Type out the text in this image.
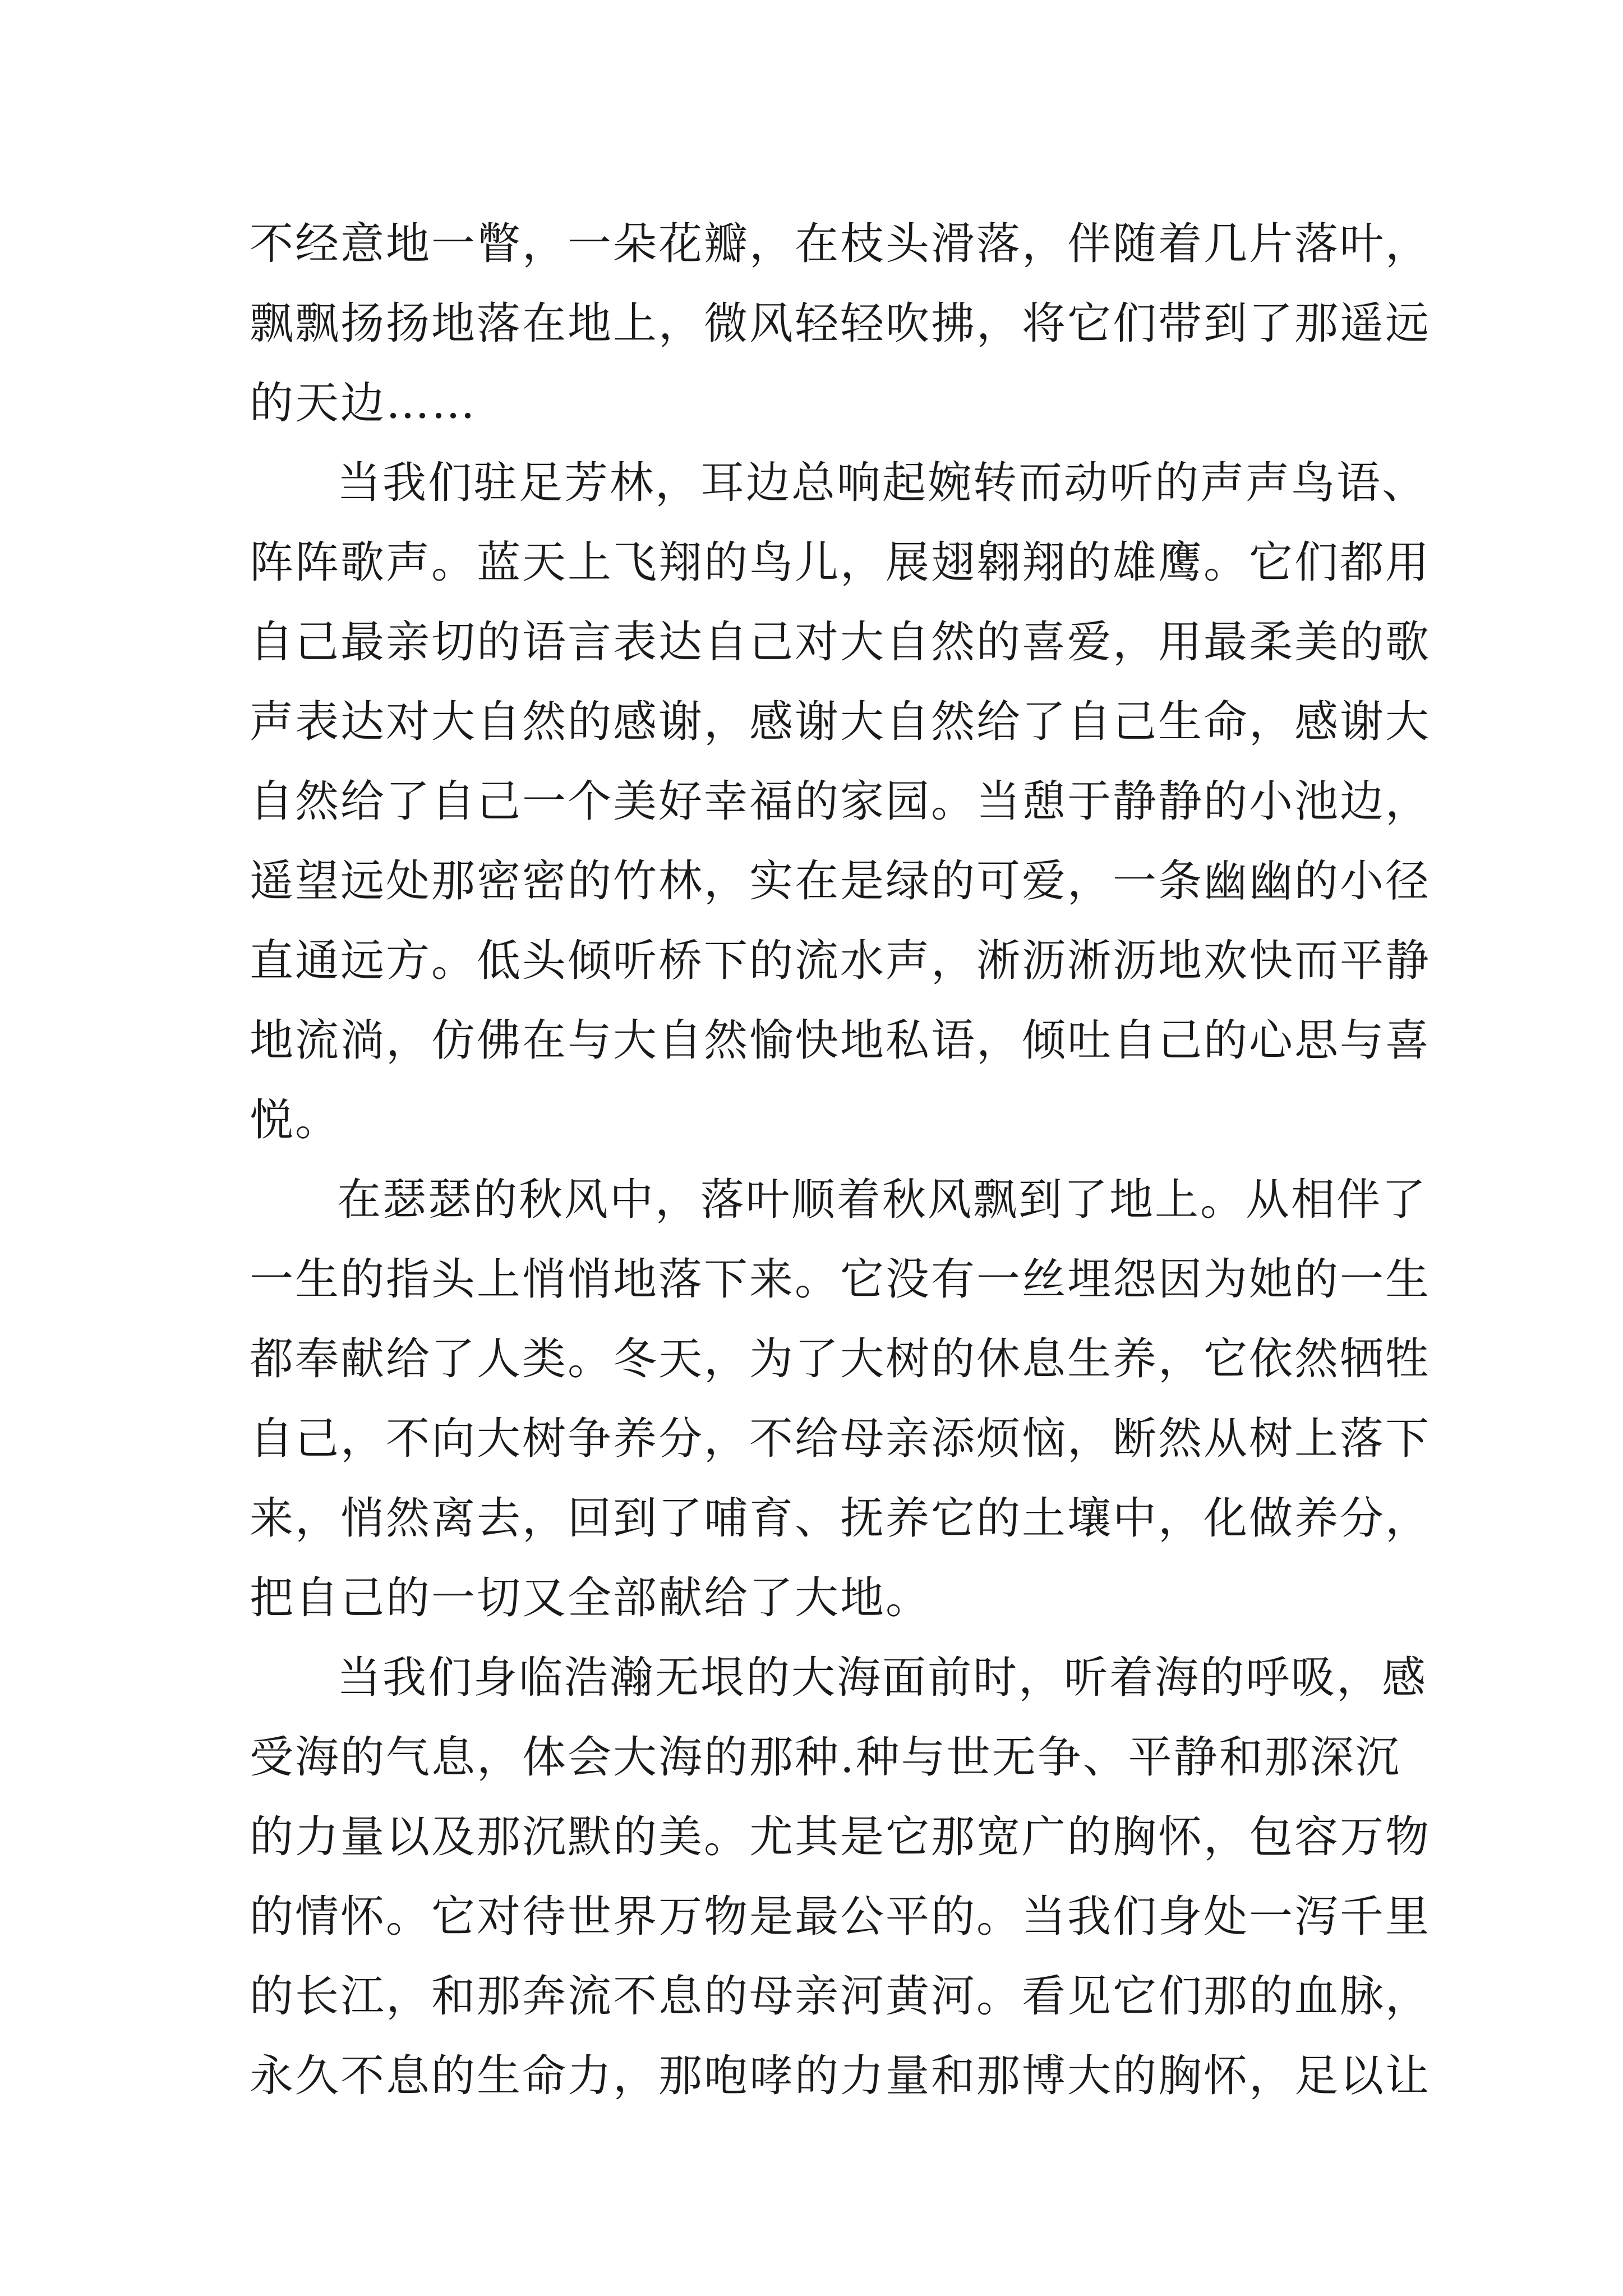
不经意地一瞥，一朵花瓣，在枝头滑落，伴随着几片落叶，
飘飘扬扬地落在地上，微风轻轻吹拂，将它们带到了那遥远
的天边……

当我们驻足芳林，耳边总响起婉转而动听的声声鸟语、
阵阵歌声。蓝天上飞翔的鸟儿，展翅翱翔的雄鹰。它们都用
自己最亲切的语言表达自己对大自然的喜爱，用最柔美的歌
声表达对大自然的感谢，感谢大自然给了自己生命，感谢大
自然给了自己一个美好幸福的家园。当憩于静静的小池边，
遥望远处那密密的竹林，实在是绿的可爱，一条幽幽的小径
直通远方。低头倾听桥下的流水声，淅沥淅沥地欢快而平静
地流淌，仿佛在与大自然愉快地私语，倾吐自己的心思与喜
悦。

在瑟瑟的秋风中，落叶顺着秋风飘到了地上。从相伴了
一生的指头上悄悄地落下来。它没有一丝埋怨因为她的一生
都奉献给了人类。冬天，为了大树的休息生养，它依然牺牲
自己，不向大树争养分，不给母亲添烦恼，断然从树上落下
来，悄然离去，回到了哺育、抚养它的土壤中，化做养分，
把自己的一切又全部献给了大地。

当我们身临浩瀚无垠的大海面前时，听着海的呼吸，感
受海的气息，体会大海的那种.种与世无争、平静和那深沉
的力量以及那沉默的美。尤其是它那宽广的胸怀，包容万物
的情怀。它对待世界万物是最公平的。当我们身处一泻千里
的长江，和那奔流不息的母亲河黄河。看见它们那的血脉，
永久不息的生命力，那咆哮的力量和那博大的胸怀，足以让
